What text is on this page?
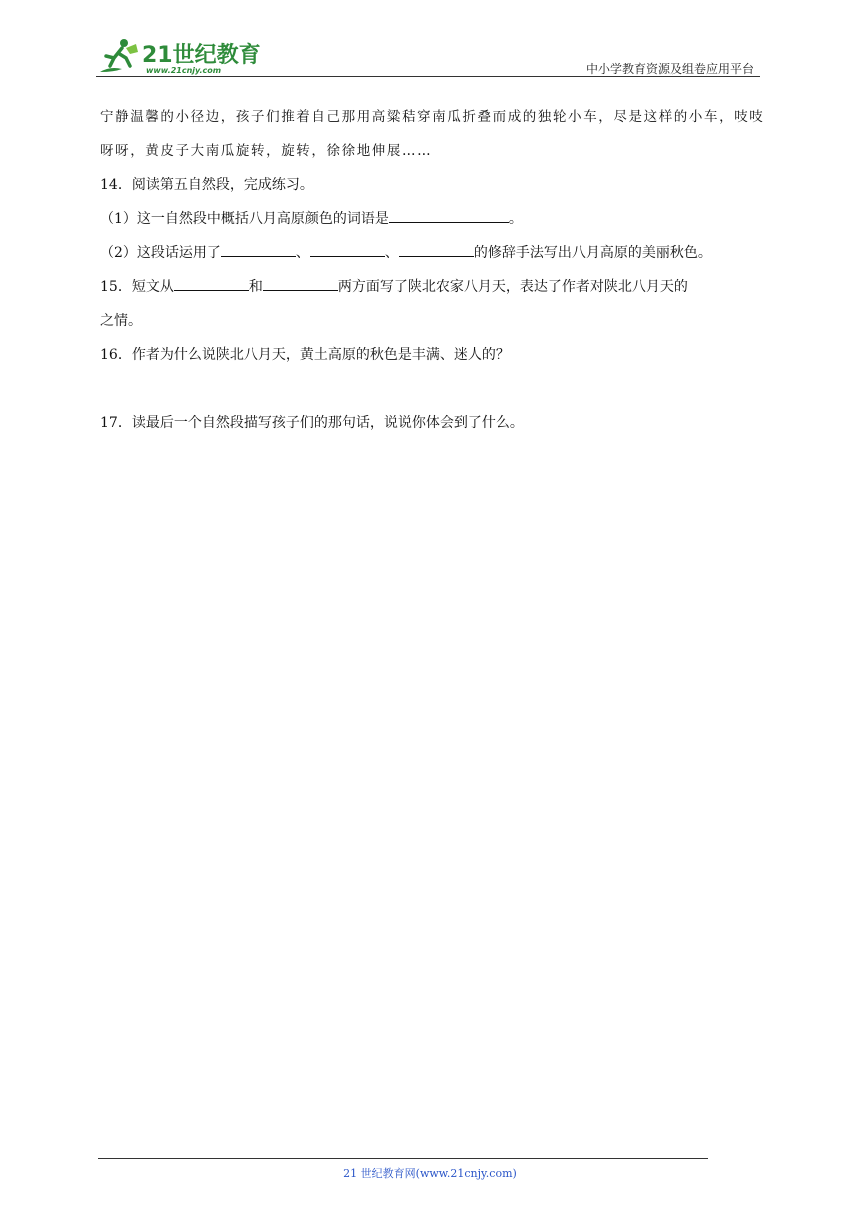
21世纪教育
www.21cnjy.com	中小学教育资源及组卷应用平台
宁静温馨的小径边，孩子们推着自己那用高粱秸穿南瓜折叠而成的独轮小车，尽是这样的小车，吱吱
呀呀，黄皮子大南瓜旋转，旋转，徐徐地伸展……
14．阅读第五自然段，完成练习。
（1）这一自然段中概括八月高原颜色的词语是	。
（2）这段话运用了	、	、	的修辞手法写出八月高原的美丽秋色。
15．短文从	和	两方面写了陕北农家八月天，表达了作者对陕北八月天的
之情。
16．作者为什么说陕北八月天，黄土高原的秋色是丰满、迷人的？
17．读最后一个自然段描写孩子们的那句话，说说你体会到了什么。
21 世纪教育网(www.21cnjy.com)
